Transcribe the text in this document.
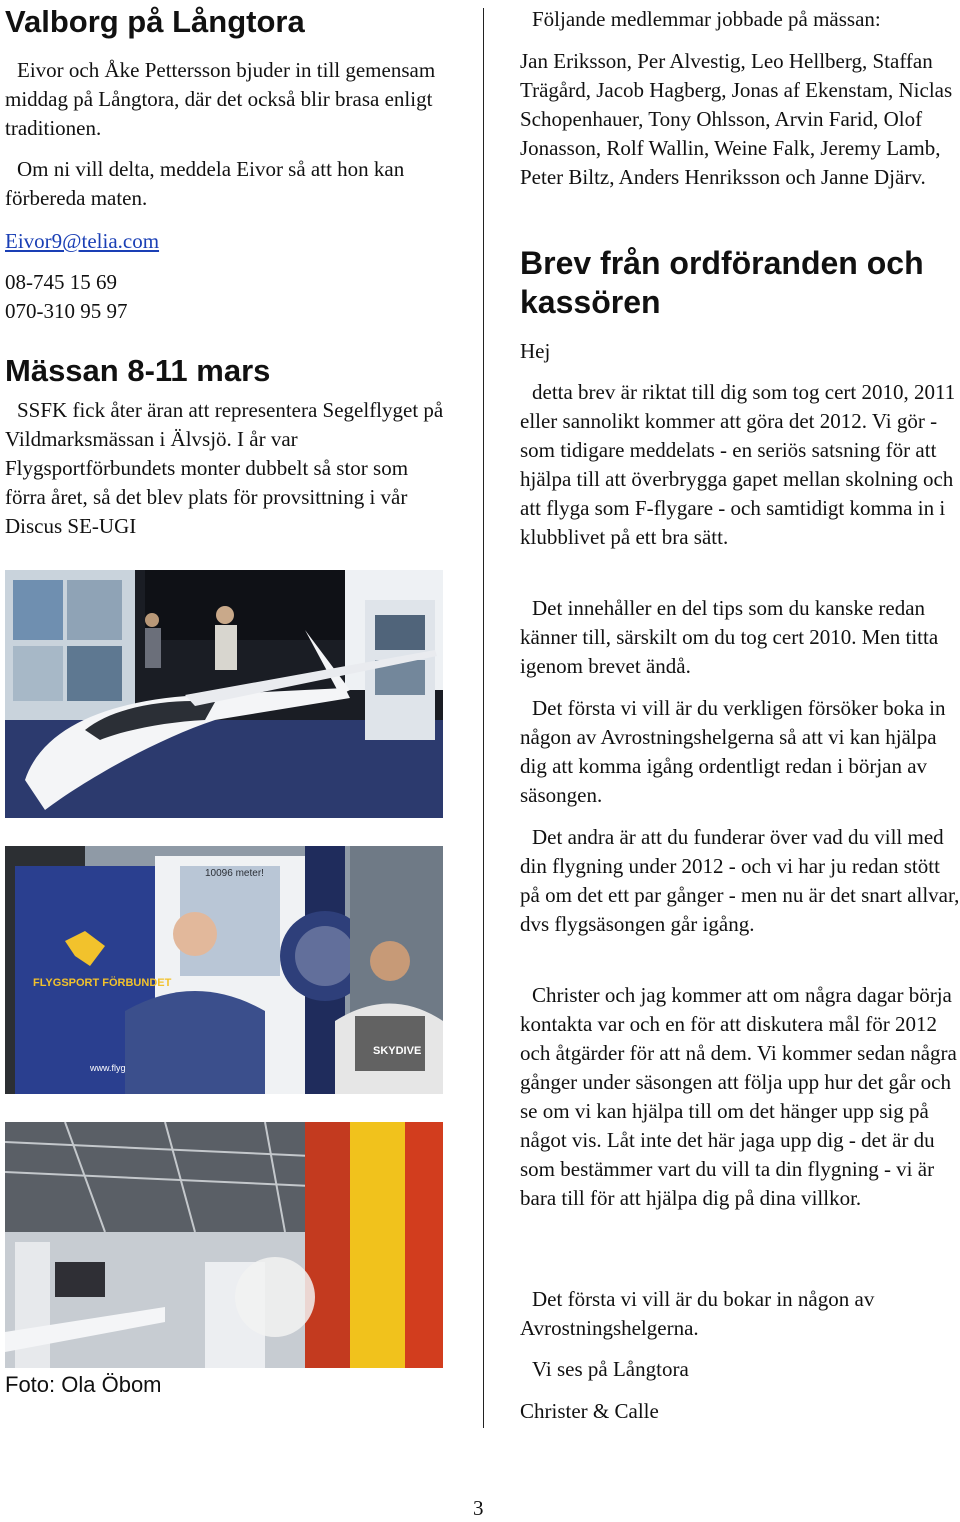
Valborg på Långtora

Eivor och Åke Pettersson bjuder in till gemensam middag på Långtora, där det också blir brasa enligt traditionen.

Om ni vill delta, meddela Eivor så att hon kan förbereda maten.

Eivor9@telia.com

08-745 15 69

070-310 95 97

Mässan 8-11 mars

SSFK fick åter äran att representera Segelflyget på Vildmarksmässan i Älvsjö. I år var Flygsportförbundets monter dubbelt så stor som förra året, så det blev plats för provsittning i vår Discus SE-UGI

FLYGSPORT FÖRBUNDET
10096 meter!
SKYDIVE
www.flyg
Foto: Ola Öbom

Följande medlemmar jobbade på mässan:

Jan Eriksson, Per Alvestig, Leo Hellberg, Staffan Trägård, Jacob Hagberg, Jonas af Ekenstam, Niclas Schopenhauer, Tony Ohlsson, Arvin Farid, Olof Jonasson, Rolf Wallin, Weine Falk, Jeremy Lamb, Peter Biltz, Anders Henriksson och Janne Djärv.

Brev från ordföranden och kassören

Hej

detta brev är riktat till dig som tog cert 2010, 2011 eller sannolikt kommer att göra det 2012. Vi gör - som tidigare meddelats - en seriös satsning för att hjälpa till att överbrygga gapet mellan skolning och att flyga som F-flygare - och samtidigt komma in i klubblivet på ett bra sätt.

Det innehåller en del tips som du kanske redan känner till, särskilt om du tog cert 2010. Men titta igenom brevet ändå.

Det första vi vill är du verkligen försöker boka in någon av Avrostningshelgerna så att vi kan hjälpa dig att komma igång ordentligt redan i början av säsongen.

Det andra är att du funderar över vad du vill med din flygning under 2012 - och vi har ju redan stött på om det ett par gånger - men nu är det snart allvar, dvs flygsäsongen går igång.

Christer och jag kommer att om några dagar börja kontakta var och en för att diskutera mål för 2012 och åtgärder för att nå dem. Vi kommer sedan några gånger under säsongen att följa upp hur det går och se om vi kan hjälpa till om det hänger upp sig på något vis. Låt inte det här jaga upp dig - det är du som bestämmer vart du vill ta din flygning - vi är bara till för att hjälpa dig på dina villkor.

Det första vi vill är du bokar in någon av Avrostningshelgerna.

Vi ses på Långtora

Christer & Calle

3
